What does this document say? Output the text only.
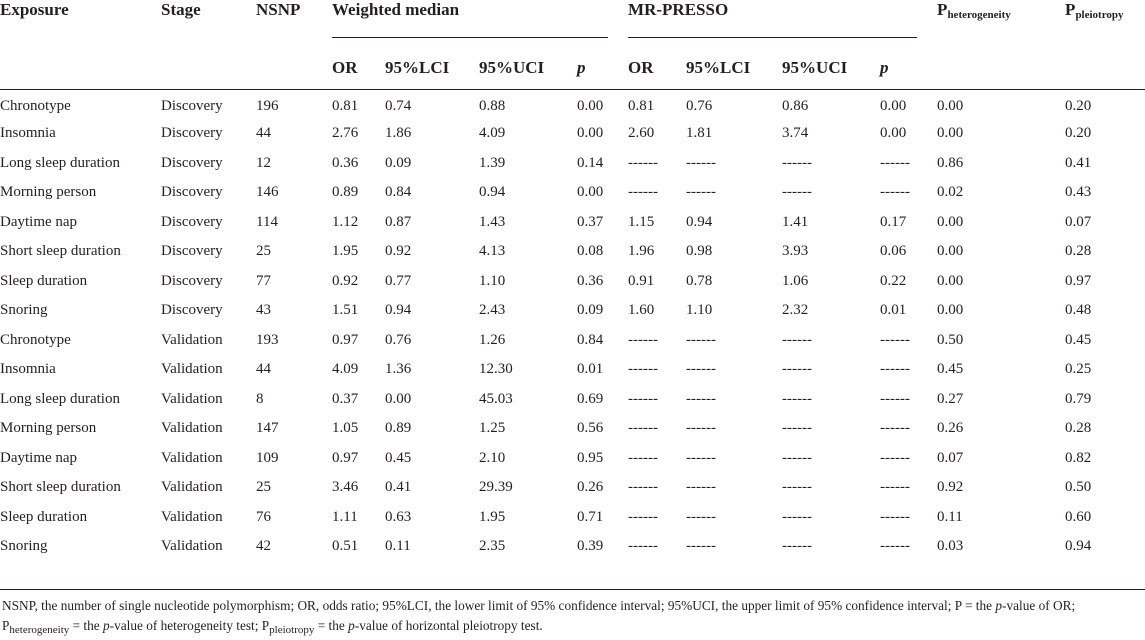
Exposure	Stage	NSNP	Weighted median				MR-PRESSO				$P_{heterogeneity}$	$P_{pleiotropy}$
			OR	95%LCI	95%UCI	p	OR	95%LCI	95%UCI	p		
Chronotype	Discovery	196	0.81	0.74	0.88	0.00	0.81	0.76	0.86	0.00	0.00	0.20
Insomnia	Discovery	44	2.76	1.86	4.09	0.00	2.60	1.81	3.74	0.00	0.00	0.20
Long sleep duration	Discovery	12	0.36	0.09	1.39	0.14	------	------	------	------	0.86	0.41
Morning person	Discovery	146	0.89	0.84	0.94	0.00	------	------	------	------	0.02	0.43
Daytime nap	Discovery	114	1.12	0.87	1.43	0.37	1.15	0.94	1.41	0.17	0.00	0.07
Short sleep duration	Discovery	25	1.95	0.92	4.13	0.08	1.96	0.98	3.93	0.06	0.00	0.28
Sleep duration	Discovery	77	0.92	0.77	1.10	0.36	0.91	0.78	1.06	0.22	0.00	0.97
Snoring	Discovery	43	1.51	0.94	2.43	0.09	1.60	1.10	2.32	0.01	0.00	0.48
Chronotype	Validation	193	0.97	0.76	1.26	0.84	------	------	------	------	0.50	0.45
Insomnia	Validation	44	4.09	1.36	12.30	0.01	------	------	------	------	0.45	0.25
Long sleep duration	Validation	8	0.37	0.00	45.03	0.69	------	------	------	------	0.27	0.79
Morning person	Validation	147	1.05	0.89	1.25	0.56	------	------	------	------	0.26	0.28
Daytime nap	Validation	109	0.97	0.45	2.10	0.95	------	------	------	------	0.07	0.82
Short sleep duration	Validation	25	3.46	0.41	29.39	0.26	------	------	------	------	0.92	0.50
Sleep duration	Validation	76	1.11	0.63	1.95	0.71	------	------	------	------	0.11	0.60
Snoring	Validation	42	0.51	0.11	2.35	0.39	------	------	------	------	0.03	0.94
NSNP, the number of single nucleotide polymorphism; OR, odds ratio; 95%LCI, the lower limit of 95% confidence interval; 95%UCI, the upper limit of 95% confidence interval; P = the p-value of OR; $P_{heterogeneity}$ = the p-value of heterogeneity test; $P_{pleiotropy}$ = the p-value of horizontal pleiotropy test.
